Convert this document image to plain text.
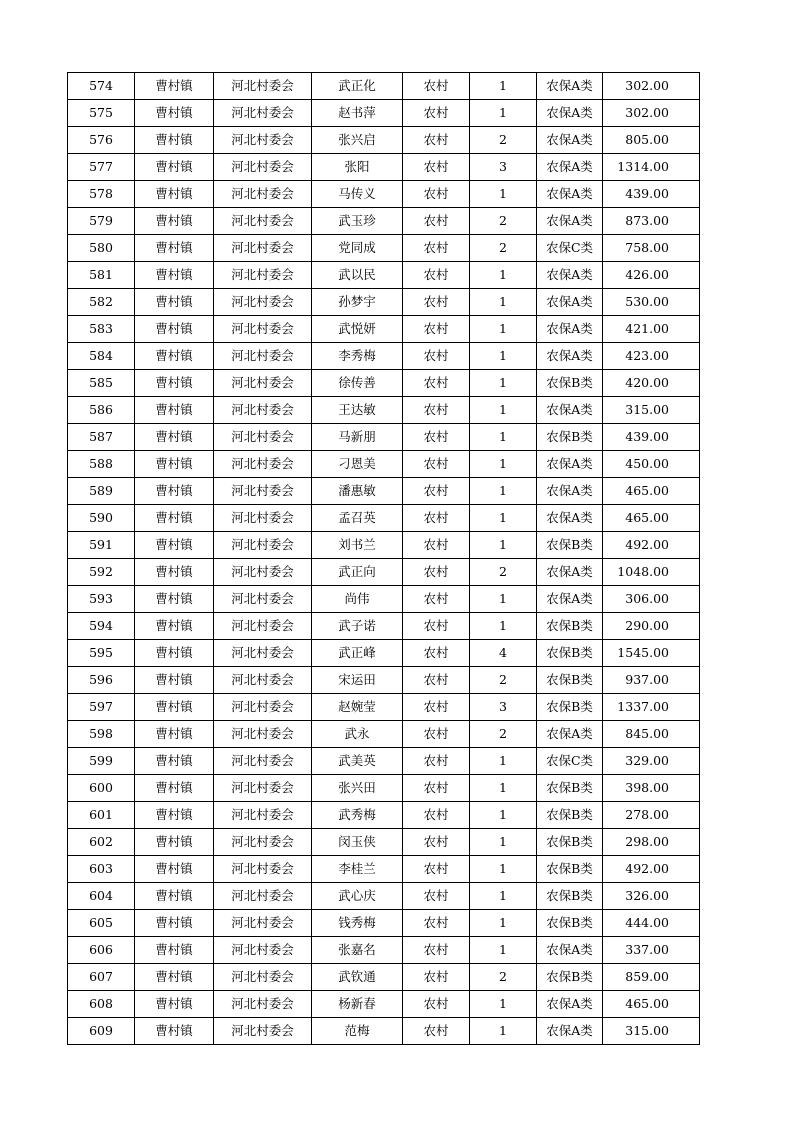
574	曹村镇	河北村委会	武正化	农村	1	农保A类	302.00
575	曹村镇	河北村委会	赵书萍	农村	1	农保A类	302.00
576	曹村镇	河北村委会	张兴启	农村	2	农保A类	805.00
577	曹村镇	河北村委会	张阳	农村	3	农保A类	1314.00
578	曹村镇	河北村委会	马传义	农村	1	农保A类	439.00
579	曹村镇	河北村委会	武玉珍	农村	2	农保A类	873.00
580	曹村镇	河北村委会	党同成	农村	2	农保C类	758.00
581	曹村镇	河北村委会	武以民	农村	1	农保A类	426.00
582	曹村镇	河北村委会	孙梦宇	农村	1	农保A类	530.00
583	曹村镇	河北村委会	武悦妍	农村	1	农保A类	421.00
584	曹村镇	河北村委会	李秀梅	农村	1	农保A类	423.00
585	曹村镇	河北村委会	徐传善	农村	1	农保B类	420.00
586	曹村镇	河北村委会	王达敏	农村	1	农保A类	315.00
587	曹村镇	河北村委会	马新朋	农村	1	农保B类	439.00
588	曹村镇	河北村委会	刁恩美	农村	1	农保A类	450.00
589	曹村镇	河北村委会	潘惠敏	农村	1	农保A类	465.00
590	曹村镇	河北村委会	孟召英	农村	1	农保A类	465.00
591	曹村镇	河北村委会	刘书兰	农村	1	农保B类	492.00
592	曹村镇	河北村委会	武正向	农村	2	农保A类	1048.00
593	曹村镇	河北村委会	尚伟	农村	1	农保A类	306.00
594	曹村镇	河北村委会	武子诺	农村	1	农保B类	290.00
595	曹村镇	河北村委会	武正峰	农村	4	农保B类	1545.00
596	曹村镇	河北村委会	宋运田	农村	2	农保B类	937.00
597	曹村镇	河北村委会	赵婉莹	农村	3	农保B类	1337.00
598	曹村镇	河北村委会	武永	农村	2	农保A类	845.00
599	曹村镇	河北村委会	武美英	农村	1	农保C类	329.00
600	曹村镇	河北村委会	张兴田	农村	1	农保B类	398.00
601	曹村镇	河北村委会	武秀梅	农村	1	农保B类	278.00
602	曹村镇	河北村委会	闵玉侠	农村	1	农保B类	298.00
603	曹村镇	河北村委会	李桂兰	农村	1	农保B类	492.00
604	曹村镇	河北村委会	武心庆	农村	1	农保B类	326.00
605	曹村镇	河北村委会	钱秀梅	农村	1	农保B类	444.00
606	曹村镇	河北村委会	张嘉名	农村	1	农保A类	337.00
607	曹村镇	河北村委会	武钦通	农村	2	农保B类	859.00
608	曹村镇	河北村委会	杨新春	农村	1	农保A类	465.00
609	曹村镇	河北村委会	范梅	农村	1	农保A类	315.00
